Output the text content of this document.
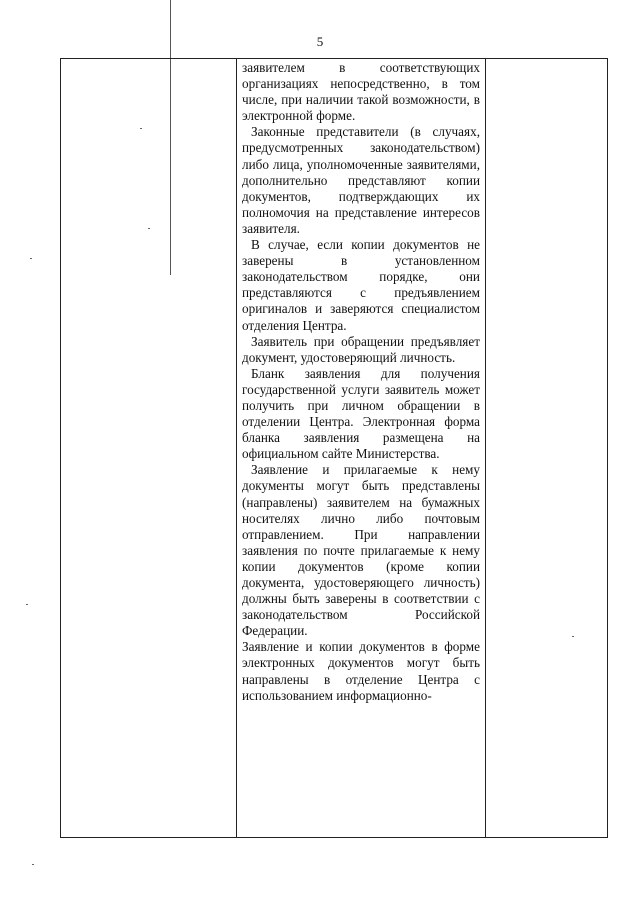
5

заявителем в соответствующих организациях непосредственно, в том числе, при наличии такой возможности, в электронной форме.

Законные представители (в случаях, предусмотренных законодательством) либо лица, уполномоченные заявителями, дополнительно представляют копии документов, подтверждающих их полномочия на представление интересов заявителя.

В случае, если копии документов не заверены в установленном законодательством порядке, они представляются с предъявлением оригиналов и заверяются специалистом отделения Центра.

Заявитель при обращении предъявляет документ, удостоверяющий личность.

Бланк заявления для получения государственной услуги заявитель может получить при личном обращении в отделении Центра. Электронная форма бланка заявления размещена на официальном сайте Министерства.

Заявление и прилагаемые к нему документы могут быть представлены (направлены) заявителем на бумажных носителях лично либо почтовым отправлением. При направлении заявления по почте прилагаемые к нему копии документов (кроме копии документа, удостоверяющего личность) должны быть заверены в соответствии с законодательством Российской Федерации.

Заявление и копии документов в форме электронных документов могут быть направлены в отделение Центра с использованием информационно-
